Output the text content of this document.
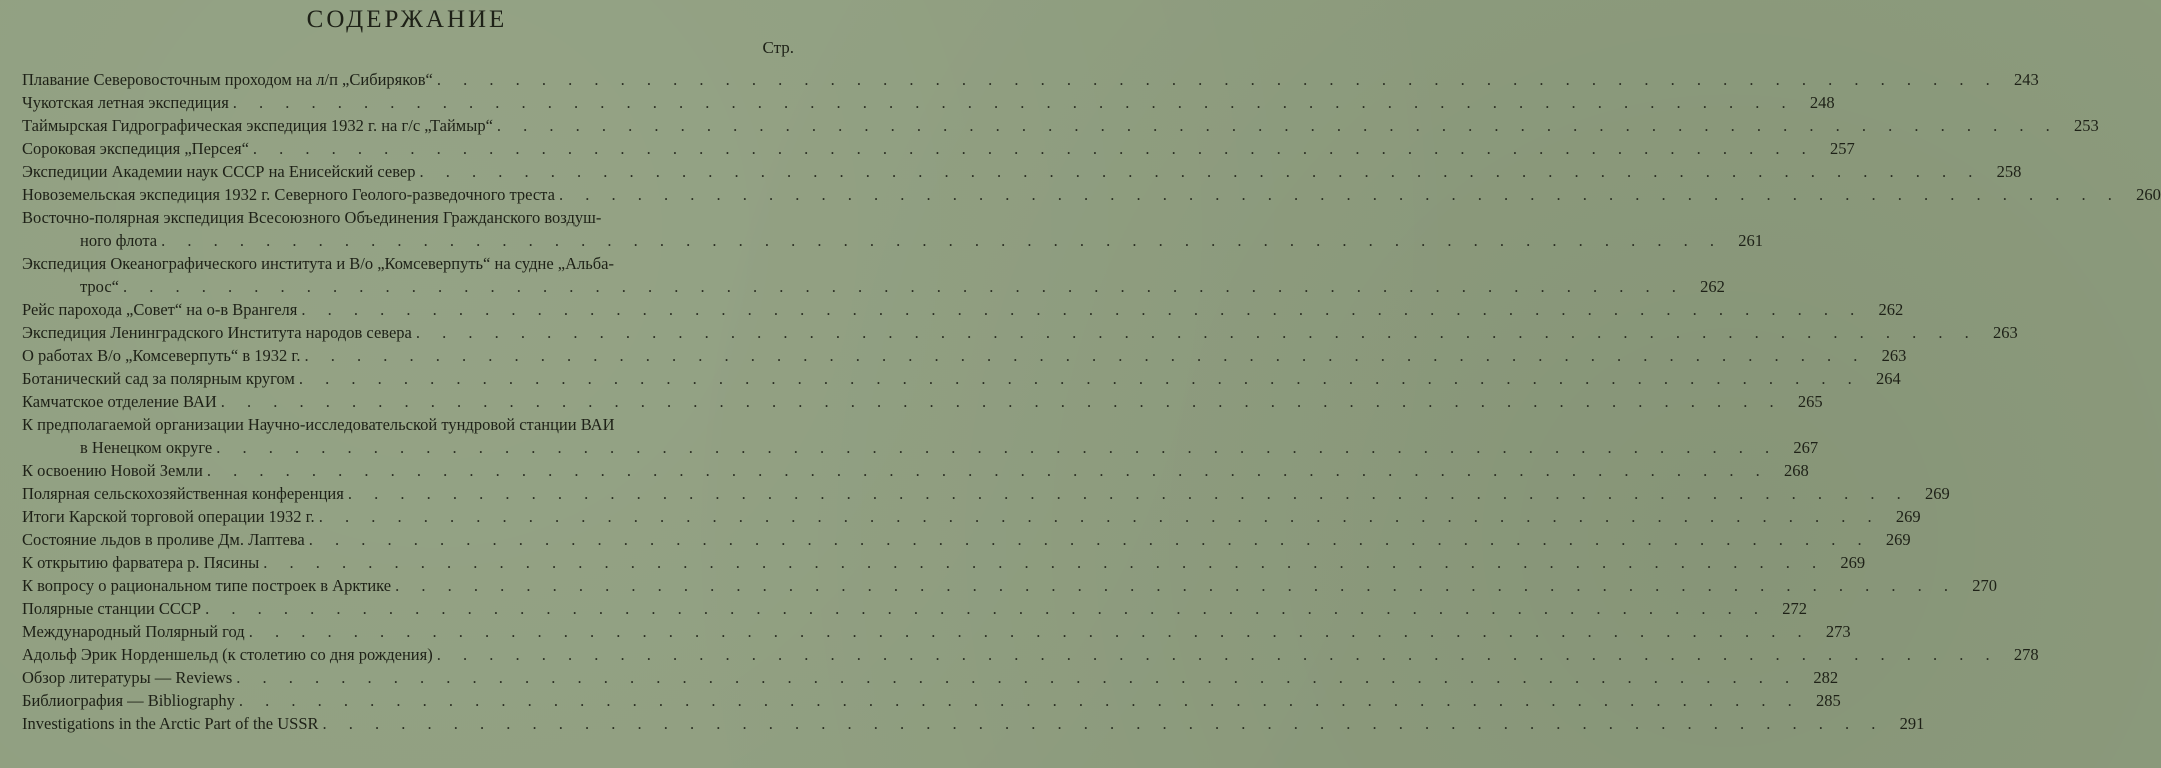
СОДЕРЖАНИЕ
Стр.
Плавание Северовосточным проходом на л/п „Сибиряков“ . . . . . . . . . . . . . . . . . . . . . . . . . . . . . . . . . . . . . . . . . . . . . . . . . . . . . . . . . . . . 243
Чукотская летная экспедиция . . . . . . . . . . . . . . . . . . . . . . . . . . . . . . . . . . . . . . . . . . . . . . . . . . . . . . . . . . . . 248
Таймырская Гидрографическая экспедиция 1932 г. на г/с „Таймыр“ . . . . . . . . . . . . . . . . . . . . . . . . . . . . . . . . . . . . . . . . . . . . . . . . . . . . . . . . . . . . 253
Сороковая экспедиция „Персея“ . . . . . . . . . . . . . . . . . . . . . . . . . . . . . . . . . . . . . . . . . . . . . . . . . . . . . . . . . . . . 257
Экспедиции Академии наук СССР на Енисейский север . . . . . . . . . . . . . . . . . . . . . . . . . . . . . . . . . . . . . . . . . . . . . . . . . . . . . . . . . . . . 258
Новоземельская экспедиция 1932 г. Северного Геолого-разведочного треста . . . . . . . . . . . . . . . . . . . . . . . . . . . . . . . . . . . . . . . . . . . . . . . . . . . . . . . . . . . . 260
Восточно-полярная экспедиция Всесоюзного Объединения Гражданского воздуш-
ного флота . . . . . . . . . . . . . . . . . . . . . . . . . . . . . . . . . . . . . . . . . . . . . . . . . . . . . . . . . . . . 261
Экспедиция Океанографического института и В/о „Комсеверпуть“ на судне „Альба-
трос“ . . . . . . . . . . . . . . . . . . . . . . . . . . . . . . . . . . . . . . . . . . . . . . . . . . . . . . . . . . . . 262
Рейс парохода „Совет“ на о-в Врангеля . . . . . . . . . . . . . . . . . . . . . . . . . . . . . . . . . . . . . . . . . . . . . . . . . . . . . . . . . . . . 262
Экспедиция Ленинградского Института народов севера . . . . . . . . . . . . . . . . . . . . . . . . . . . . . . . . . . . . . . . . . . . . . . . . . . . . . . . . . . . . 263
О работах В/о „Комсеверпуть“ в 1932 г. . . . . . . . . . . . . . . . . . . . . . . . . . . . . . . . . . . . . . . . . . . . . . . . . . . . . . . . . . . . . 263
Ботанический сад за полярным кругом . . . . . . . . . . . . . . . . . . . . . . . . . . . . . . . . . . . . . . . . . . . . . . . . . . . . . . . . . . . . 264
Камчатское отделение ВАИ . . . . . . . . . . . . . . . . . . . . . . . . . . . . . . . . . . . . . . . . . . . . . . . . . . . . . . . . . . . . 265
К предполагаемой организации Научно-исследовательской тундровой станции ВАИ
в Ненецком округе . . . . . . . . . . . . . . . . . . . . . . . . . . . . . . . . . . . . . . . . . . . . . . . . . . . . . . . . . . . . 267
К освоению Новой Земли . . . . . . . . . . . . . . . . . . . . . . . . . . . . . . . . . . . . . . . . . . . . . . . . . . . . . . . . . . . . 268
Полярная сельскохозяйственная конференция . . . . . . . . . . . . . . . . . . . . . . . . . . . . . . . . . . . . . . . . . . . . . . . . . . . . . . . . . . . . 269
Итоги Карской торговой операции 1932 г. . . . . . . . . . . . . . . . . . . . . . . . . . . . . . . . . . . . . . . . . . . . . . . . . . . . . . . . . . . . . 269
Состояние льдов в проливе Дм. Лаптева . . . . . . . . . . . . . . . . . . . . . . . . . . . . . . . . . . . . . . . . . . . . . . . . . . . . . . . . . . . . 269
К открытию фарватера р. Пясины . . . . . . . . . . . . . . . . . . . . . . . . . . . . . . . . . . . . . . . . . . . . . . . . . . . . . . . . . . . . 269
К вопросу о рациональном типе построек в Арктике . . . . . . . . . . . . . . . . . . . . . . . . . . . . . . . . . . . . . . . . . . . . . . . . . . . . . . . . . . . . 270
Полярные станции СССР . . . . . . . . . . . . . . . . . . . . . . . . . . . . . . . . . . . . . . . . . . . . . . . . . . . . . . . . . . . . 272
Международный Полярный год . . . . . . . . . . . . . . . . . . . . . . . . . . . . . . . . . . . . . . . . . . . . . . . . . . . . . . . . . . . . 273
Адольф Эрик Норденшельд (к столетию со дня рождения) . . . . . . . . . . . . . . . . . . . . . . . . . . . . . . . . . . . . . . . . . . . . . . . . . . . . . . . . . . . . 278
Обзор литературы — Reviews . . . . . . . . . . . . . . . . . . . . . . . . . . . . . . . . . . . . . . . . . . . . . . . . . . . . . . . . . . . . 282
Библиография — Bibliography . . . . . . . . . . . . . . . . . . . . . . . . . . . . . . . . . . . . . . . . . . . . . . . . . . . . . . . . . . . . 285
Investigations in the Arctic Part of the USSR . . . . . . . . . . . . . . . . . . . . . . . . . . . . . . . . . . . . . . . . . . . . . . . . . . . . . . . . . . . . 291
